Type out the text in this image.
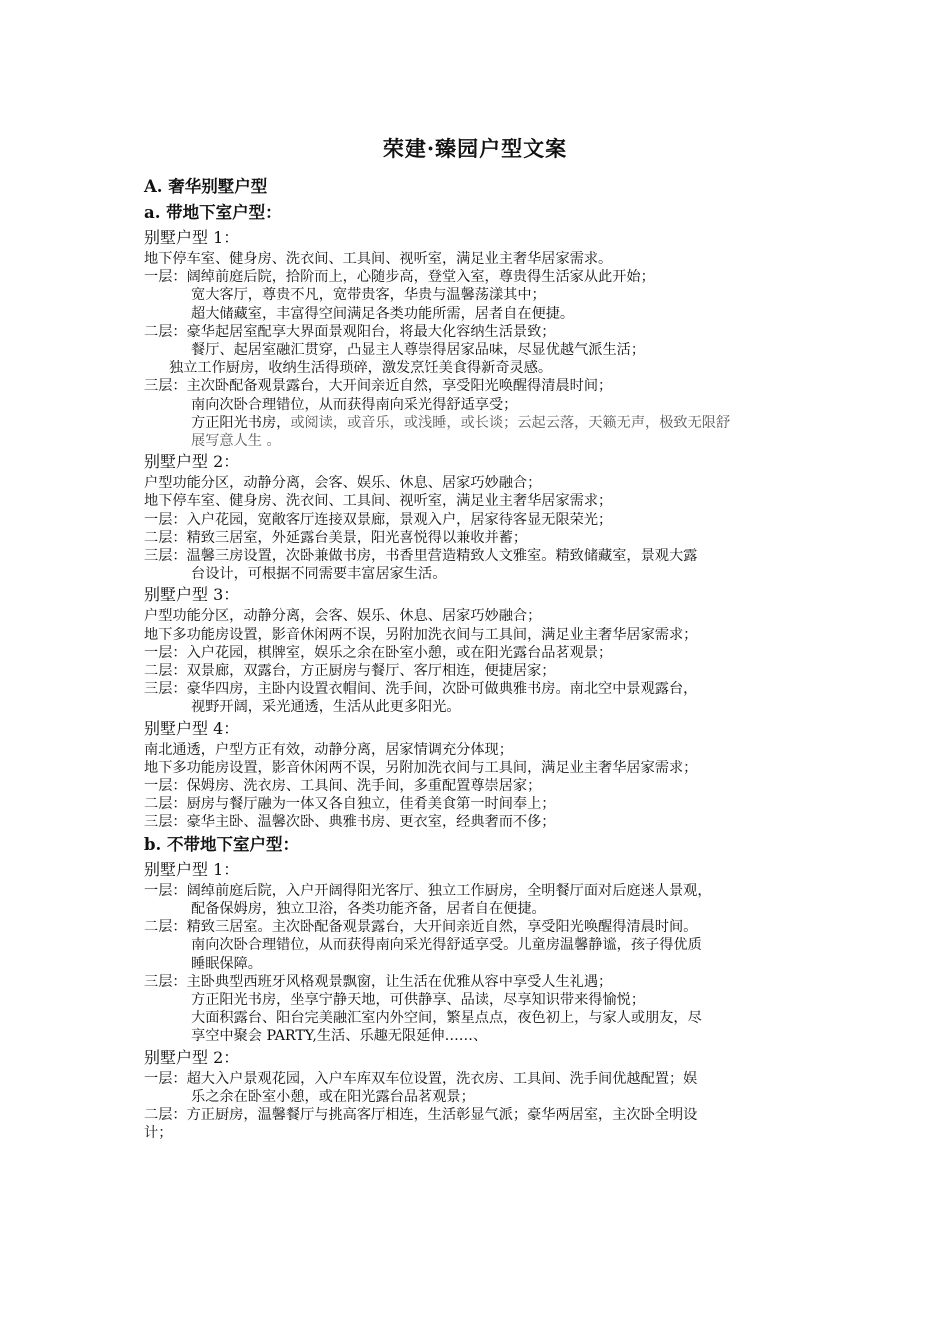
荣建·臻园户型文案
A. 奢华别墅户型
a. 带地下室户型：
别墅户型 1：
地下停车室、健身房、洗衣间、工具间、视听室，满足业主奢华居家需求。
一层：阔绰前庭后院，拾阶而上，心随步高，登堂入室，尊贵得生活家从此开始；
宽大客厅，尊贵不凡，宽带贵客，华贵与温馨荡漾其中；
超大储藏室，丰富得空间满足各类功能所需，居者自在便捷。
二层：豪华起居室配享大界面景观阳台，将最大化容纳生活景致；
餐厅、起居室融汇贯穿，凸显主人尊崇得居家品味，尽显优越气派生活；
独立工作厨房，收纳生活得琐碎，激发烹饪美食得新奇灵感。
三层：主次卧配备观景露台，大开间亲近自然，享受阳光唤醒得清晨时间；
南向次卧合理错位，从而获得南向采光得舒适享受；
方正阳光书房，或阅读，或音乐，或浅睡，或长谈；云起云落，天籁无声，极致无限舒
展写意人生 。
别墅户型 2：
户型功能分区，动静分离，会客、娱乐、休息、居家巧妙融合；
地下停车室、健身房、洗衣间、工具间、视听室，满足业主奢华居家需求；
一层：入户花园，宽敞客厅连接双景廊，景观入户，居家待客显无限荣光；
二层：精致三居室，外延露台美景，阳光喜悦得以兼收并蓄；
三层：温馨三房设置，次卧兼做书房，书香里营造精致人文雅室。精致储藏室，景观大露
台设计，可根据不同需要丰富居家生活。
别墅户型 3：
户型功能分区，动静分离，会客、娱乐、休息、居家巧妙融合；
地下多功能房设置，影音休闲两不误，另附加洗衣间与工具间，满足业主奢华居家需求；
一层：入户花园，棋牌室，娱乐之余在卧室小憩，或在阳光露台品茗观景；
二层：双景廊，双露台，方正厨房与餐厅、客厅相连，便捷居家；
三层：豪华四房，主卧内设置衣帽间、洗手间，次卧可做典雅书房。南北空中景观露台，
视野开阔，采光通透，生活从此更多阳光。
别墅户型 4：
南北通透，户型方正有效，动静分离，居家情调充分体现；
地下多功能房设置，影音休闲两不误，另附加洗衣间与工具间，满足业主奢华居家需求；
一层：保姆房、洗衣房、工具间、洗手间，多重配置尊崇居家；
二层：厨房与餐厅融为一体又各自独立，佳肴美食第一时间奉上；
三层：豪华主卧、温馨次卧、典雅书房、更衣室，经典奢而不侈；
b. 不带地下室户型：
别墅户型 1：
一层：阔绰前庭后院，入户开阔得阳光客厅、独立工作厨房，全明餐厅面对后庭迷人景观，
配备保姆房，独立卫浴，各类功能齐备，居者自在便捷。
二层：精致三居室。主次卧配备观景露台，大开间亲近自然，享受阳光唤醒得清晨时间。
南向次卧合理错位，从而获得南向采光得舒适享受。儿童房温馨静谧，孩子得优质
睡眠保障。
三层：主卧典型西班牙风格观景飘窗，让生活在优雅从容中享受人生礼遇；
方正阳光书房，坐享宁静天地，可供静享、品读，尽享知识带来得愉悦；
大面积露台、阳台完美融汇室内外空间，繁星点点，夜色初上，与家人或朋友，尽
享空中聚会 PARTY,生活、乐趣无限延伸……、
别墅户型 2：
一层：超大入户景观花园，入户车库双车位设置，洗衣房、工具间、洗手间优越配置；娱
乐之余在卧室小憩，或在阳光露台品茗观景；
二层：方正厨房，温馨餐厅与挑高客厅相连，生活彰显气派；豪华两居室，主次卧全明设
计；
